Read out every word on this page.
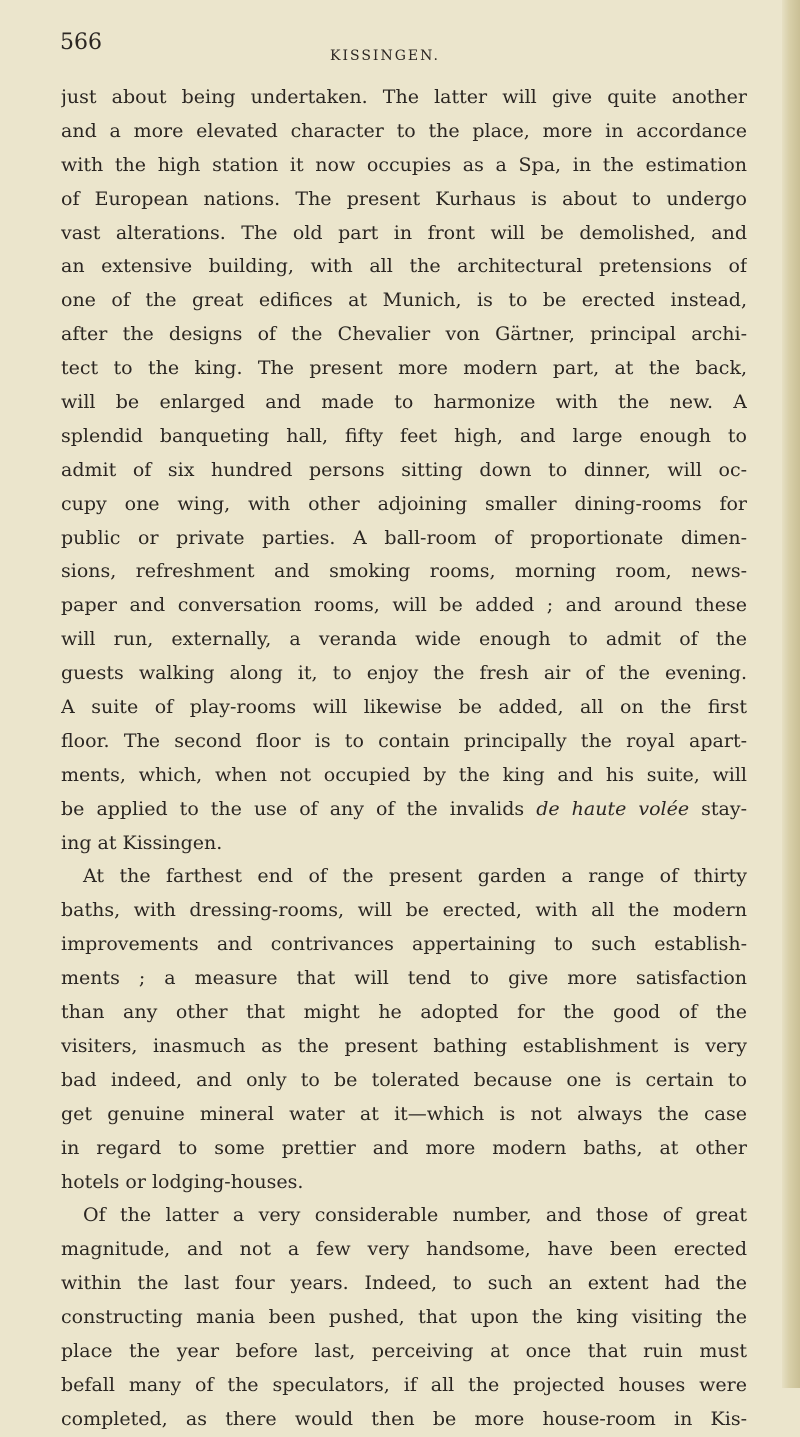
566
KISSINGEN.
just about being undertaken. The latter will give quite another
and a more elevated character to the place, more in accordance
with the high station it now occupies as a Spa, in the estimation
of European nations. The present Kurhaus is about to undergo
vast alterations. The old part in front will be demolished, and
an extensive building, with all the architectural pretensions of
one of the great edifices at Munich, is to be erected instead,
after the designs of the Chevalier von Gärtner, principal archi-
tect to the king. The present more modern part, at the back,
will be enlarged and made to harmonize with the new. A
splendid banqueting hall, fifty feet high, and large enough to
admit of six hundred persons sitting down to dinner, will oc-
cupy one wing, with other adjoining smaller dining-rooms for
public or private parties. A ball-room of proportionate dimen-
sions, refreshment and smoking rooms, morning room, news-
paper and conversation rooms, will be added ; and around these
will run, externally, a veranda wide enough to admit of the
guests walking along it, to enjoy the fresh air of the evening.
A suite of play-rooms will likewise be added, all on the first
floor. The second floor is to contain principally the royal apart-
ments, which, when not occupied by the king and his suite, will
be applied to the use of any of the invalids de haute volée stay-
ing at Kissingen.
At the farthest end of the present garden a range of thirty
baths, with dressing-rooms, will be erected, with all the modern
improvements and contrivances appertaining to such establish-
ments ; a measure that will tend to give more satisfaction
than any other that might he adopted for the good of the
visiters, inasmuch as the present bathing establishment is very
bad indeed, and only to be tolerated because one is certain to
get genuine mineral water at it—which is not always the case
in regard to some prettier and more modern baths, at other
hotels or lodging-houses.
Of the latter a very considerable number, and those of great
magnitude, and not a few very handsome, have been erected
within the last four years. Indeed, to such an extent had the
constructing mania been pushed, that upon the king visiting the
place the year before last, perceiving at once that ruin must
befall many of the speculators, if all the projected houses were
completed, as there would then be more house-room in Kis-
